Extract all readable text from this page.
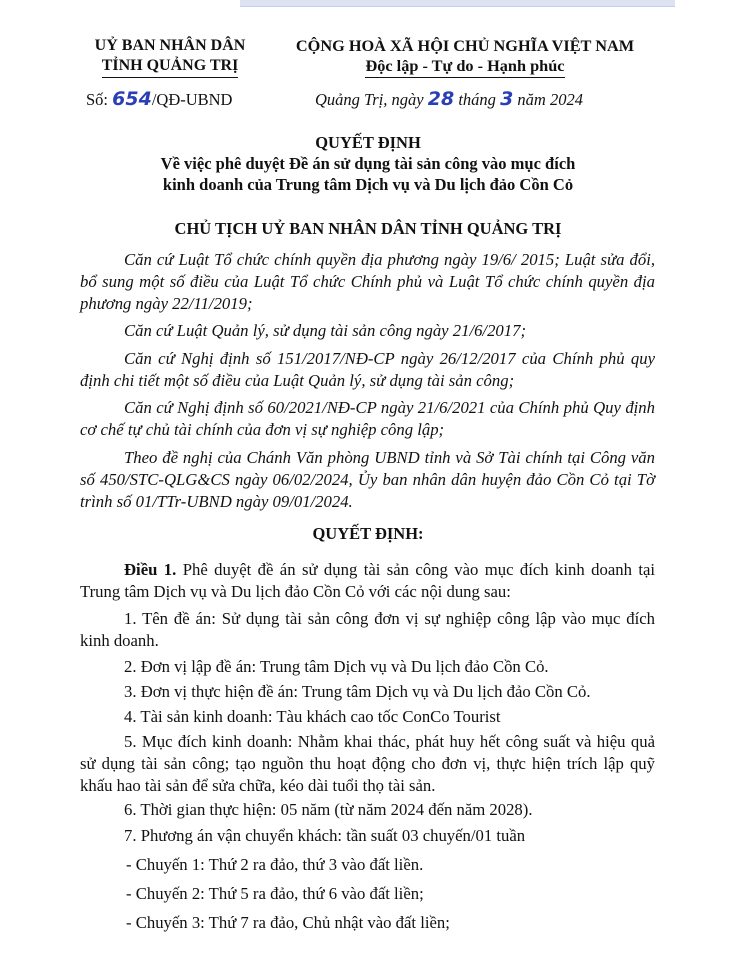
UỶ BAN NHÂN DÂN
TỈNH QUẢNG TRỊ
CỘNG HOÀ XÃ HỘI CHỦ NGHĨA VIỆT NAM
Độc lập - Tự do - Hạnh phúc
Số: 654/QĐ-UBND	Quảng Trị, ngày 28 tháng 3 năm 2024
QUYẾT ĐỊNH
Về việc phê duyệt Đề án sử dụng tài sản công vào mục đích
kinh doanh của Trung tâm Dịch vụ và Du lịch đảo Cồn Cỏ
CHỦ TỊCH UỶ BAN NHÂN DÂN TỈNH QUẢNG TRỊ
Căn cứ Luật Tổ chức chính quyền địa phương ngày 19/6/ 2015; Luật sửa đổi, bổ sung một số điều của Luật Tổ chức Chính phủ và Luật Tổ chức chính quyền địa phương ngày 22/11/2019;
Căn cứ Luật Quản lý, sử dụng tài sản công ngày 21/6/2017;
Căn cứ Nghị định số 151/2017/NĐ-CP ngày 26/12/2017 của Chính phủ quy định chi tiết một số điều của Luật Quản lý, sử dụng tài sản công;
Căn cứ Nghị định số 60/2021/NĐ-CP ngày 21/6/2021 của Chính phủ Quy định cơ chế tự chủ tài chính của đơn vị sự nghiệp công lập;
Theo đề nghị của Chánh Văn phòng UBND tỉnh và Sở Tài chính tại Công văn số 450/STC-QLG&CS ngày 06/02/2024, Ủy ban nhân dân huyện đảo Cồn Cỏ tại Tờ trình số 01/TTr-UBND ngày 09/01/2024.
QUYẾT ĐỊNH:
Điều 1. Phê duyệt đề án sử dụng tài sản công vào mục đích kinh doanh tại Trung tâm Dịch vụ và Du lịch đảo Cồn Cỏ với các nội dung sau:
1. Tên đề án: Sử dụng tài sản công đơn vị sự nghiệp công lập vào mục đích kinh doanh.
2. Đơn vị lập đề án: Trung tâm Dịch vụ và Du lịch đảo Cồn Cỏ.
3. Đơn vị thực hiện đề án: Trung tâm Dịch vụ và Du lịch đảo Cồn Cỏ.
4. Tài sản kinh doanh: Tàu khách cao tốc ConCo Tourist
5. Mục đích kinh doanh: Nhằm khai thác, phát huy hết công suất và hiệu quả sử dụng tài sản công; tạo nguồn thu hoạt động cho đơn vị, thực hiện trích lập quỹ khấu hao tài sản để sửa chữa, kéo dài tuổi thọ tài sản.
6. Thời gian thực hiện: 05 năm (từ năm 2024 đến năm 2028).
7. Phương án vận chuyển khách: tần suất 03 chuyến/01 tuần
- Chuyến 1: Thứ 2 ra đảo, thứ 3 vào đất liền.
- Chuyến 2: Thứ 5 ra đảo, thứ 6 vào đất liền;
- Chuyến 3: Thứ 7 ra đảo, Chủ nhật vào đất liền;
